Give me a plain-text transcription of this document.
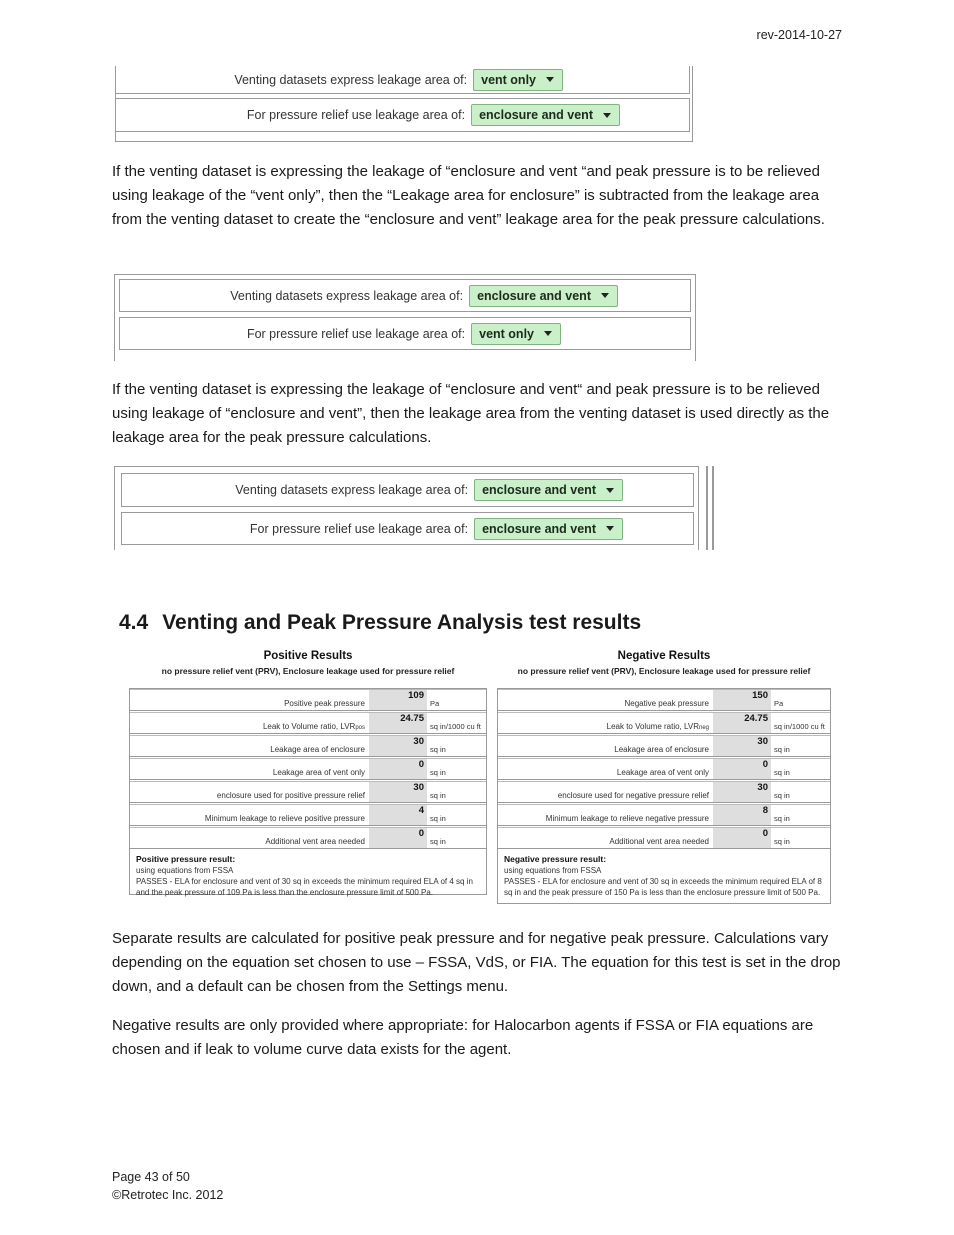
rev-2014-10-27
Venting datasets express leakage area of: vent only
For pressure relief use leakage area of: enclosure and vent

If the venting dataset is expressing the leakage of “enclosure and vent “and peak pressure is to be relieved using leakage of the “vent only”, then the “Leakage area for enclosure” is subtracted from the leakage area from the venting dataset to create the “enclosure and vent” leakage area for the peak pressure calculations.

Venting datasets express leakage area of: enclosure and vent
For pressure relief use leakage area of: vent only

If the venting dataset is expressing the leakage of “enclosure and vent“ and peak pressure is to be relieved using leakage of “enclosure and vent”, then the leakage area from the venting dataset is used directly as the leakage area for the peak pressure calculations.

Venting datasets express leakage area of: enclosure and vent
For pressure relief use leakage area of: enclosure and vent
4.4 Venting and Peak Pressure Analysis test results
Positive Results
no pressure relief vent (PRV), Enclosure leakage used for pressure relief
Positive peak pressure
109
Pa
Leak to Volume ratio, LVR pos
24.75
sq in/1000 cu ft
Leakage area of enclosure
30
sq in
Leakage area of vent only
0
sq in
enclosure used for positive pressure relief
30
sq in
Minimum leakage to relieve positive pressure
4
sq in
Additional vent area needed
0
sq in
Positive pressure result:
using equations from FSSA
PASSES - ELA for enclosure and vent of 30 sq in exceeds the minimum required ELA of 4 sq in and the peak pressure of 109 Pa is less than the enclosure pressure limit of 500 Pa.
Negative Results
no pressure relief vent (PRV), Enclosure leakage used for pressure relief
Negative peak pressure
150
Pa
Leak to Volume ratio, LVR neg
24.75
sq in/1000 cu ft
Leakage area of enclosure
30
sq in
Leakage area of vent only
0
sq in
enclosure used for negative pressure relief
30
sq in
Minimum leakage to relieve negative pressure
8
sq in
Additional vent area needed
0
sq in
Negative pressure result:
using equations from FSSA
PASSES - ELA for enclosure and vent of 30 sq in exceeds the minimum required ELA of 8 sq in and the peak pressure of 150 Pa is less than the enclosure pressure limit of 500 Pa.

Separate results are calculated for positive peak pressure and for negative peak pressure. Calculations vary depending on the equation set chosen to use – FSSA, VdS, or FIA. The equation for this test is set in the drop down, and a default can be chosen from the Settings menu.

Negative results are only provided where appropriate: for Halocarbon agents if FSSA or FIA equations are chosen and if leak to volume curve data exists for the agent.

Page 43 of 50
©Retrotec Inc. 2012
